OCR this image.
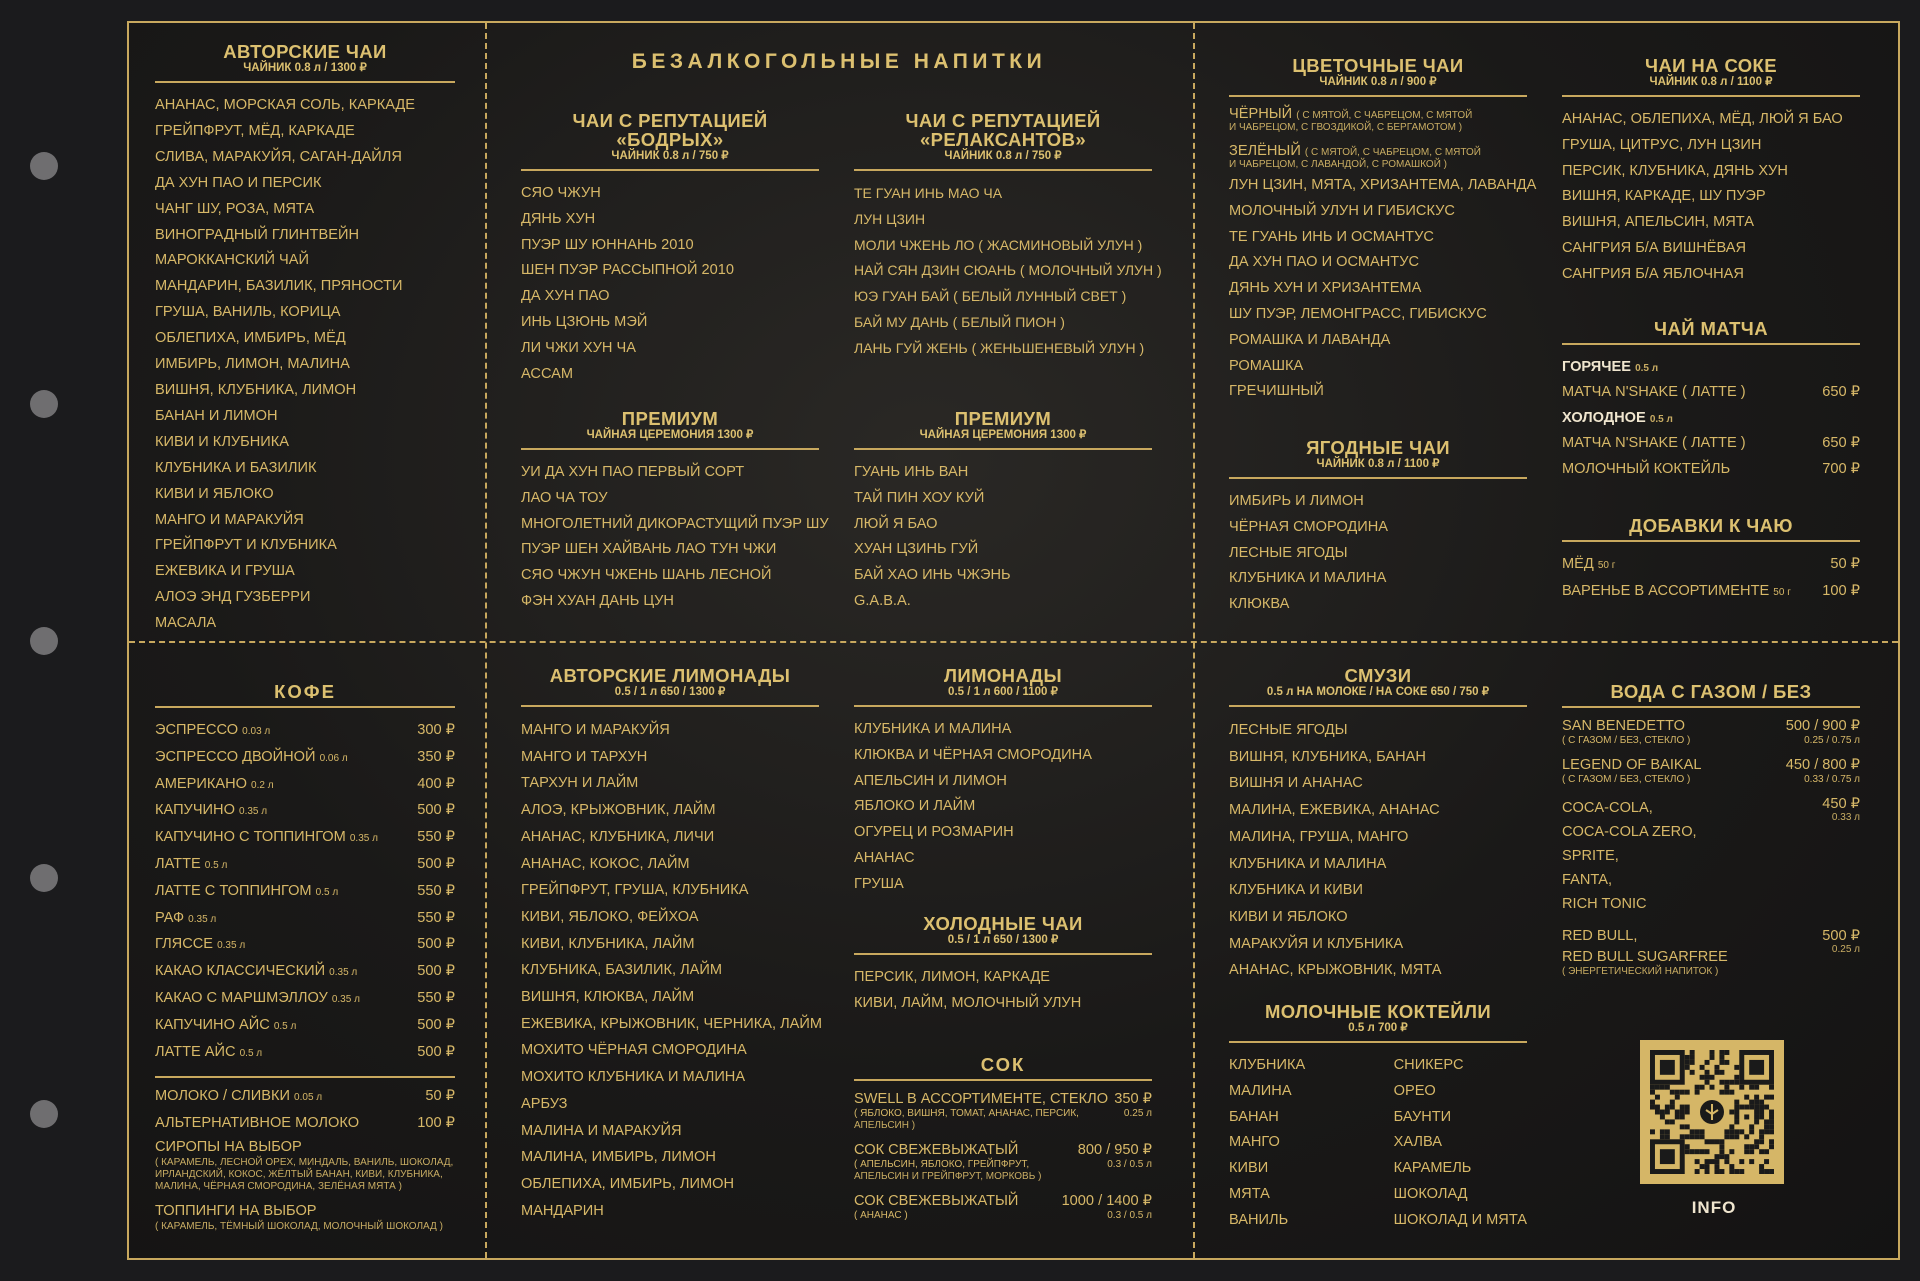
АВТОРСКИЕ ЧАИ
ЧАЙНИК 0.8 л / 1300 ₽
АНАНАС, МОРСКАЯ СОЛЬ, КАРКАДЕ
ГРЕЙПФРУТ, МЁД, КАРКАДЕ
СЛИВА, МАРАКУЙЯ, САГАН-ДАЙЛЯ
ДА ХУН ПАО И ПЕРСИК
ЧАНГ ШУ, РОЗА, МЯТА
ВИНОГРАДНЫЙ ГЛИНТВЕЙН
МАРОККАНСКИЙ ЧАЙ
МАНДАРИН, БАЗИЛИК, ПРЯНОСТИ
ГРУША, ВАНИЛЬ, КОРИЦА
ОБЛЕПИХА, ИМБИРЬ, МЁД
ИМБИРЬ, ЛИМОН, МАЛИНА
ВИШНЯ, КЛУБНИКА, ЛИМОН
БАНАН И ЛИМОН
КИВИ И КЛУБНИКА
КЛУБНИКА И БАЗИЛИК
КИВИ И ЯБЛОКО
МАНГО И МАРАКУЙЯ
ГРЕЙПФРУТ И КЛУБНИКА
ЕЖЕВИКА И ГРУША
АЛОЭ ЭНД ГУЗБЕРРИ
МАСАЛА
БЕЗАЛКОГОЛЬНЫЕ НАПИТКИ
ЧАИ С РЕПУТАЦИЕЙ
«БОДРЫХ»
ЧАЙНИК 0.8 л / 750 ₽
СЯО ЧЖУН
ДЯНЬ ХУН
ПУЭР ШУ ЮННАНЬ 2010
ШЕН ПУЭР РАССЫПНОЙ 2010
ДА ХУН ПАО
ИНЬ ЦЗЮНЬ МЭЙ
ЛИ ЧЖИ ХУН ЧА
АССАМ
ЧАИ С РЕПУТАЦИЕЙ
«РЕЛАКСАНТОВ»
ЧАЙНИК 0.8 л / 750 ₽
ТЕ ГУАН ИНЬ МАО ЧА
ЛУН ЦЗИН
МОЛИ ЧЖЕНЬ ЛО ( ЖАСМИНОВЫЙ УЛУН )
НАЙ СЯН ДЗИН СЮАНЬ ( МОЛОЧНЫЙ УЛУН )
ЮЭ ГУАН БАЙ ( БЕЛЫЙ ЛУННЫЙ СВЕТ )
БАЙ МУ ДАНЬ ( БЕЛЫЙ ПИОН )
ЛАНЬ ГУЙ ЖЕНЬ ( ЖЕНЬШЕНЕВЫЙ УЛУН )
ПРЕМИУМ
ЧАЙНАЯ ЦЕРЕМОНИЯ 1300 ₽
УИ ДА ХУН ПАО ПЕРВЫЙ СОРТ
ЛАО ЧА ТОУ
МНОГОЛЕТНИЙ ДИКОРАСТУЩИЙ ПУЭР ШУ
ПУЭР ШЕН ХАЙВАНЬ ЛАО ТУН ЧЖИ
СЯО ЧЖУН ЧЖЕНЬ ШАНЬ ЛЕСНОЙ
ФЭН ХУАН ДАНЬ ЦУН
ПРЕМИУМ
ЧАЙНАЯ ЦЕРЕМОНИЯ 1300 ₽
ГУАНЬ ИНЬ ВАН
ТАЙ ПИН ХОУ КУЙ
ЛЮЙ Я БАО
ХУАН ЦЗИНЬ ГУЙ
БАЙ ХАО ИНЬ ЧЖЭНЬ
G.A.B.A.
ЦВЕТОЧНЫЕ ЧАИ
ЧАЙНИК 0.8 л / 900 ₽
ЧЁРНЫЙ ( С МЯТОЙ, С ЧАБРЕЦОМ, С МЯТОЙ
И ЧАБРЕЦОМ, С ГВОЗДИКОЙ, С БЕРГАМОТОМ )
ЗЕЛЁНЫЙ ( С МЯТОЙ, С ЧАБРЕЦОМ, С МЯТОЙ
И ЧАБРЕЦОМ, С ЛАВАНДОЙ, С РОМАШКОЙ )
ЛУН ЦЗИН, МЯТА, ХРИЗАНТЕМА, ЛАВАНДА
МОЛОЧНЫЙ УЛУН И ГИБИСКУС
ТЕ ГУАНЬ ИНЬ И ОСМАНТУС
ДА ХУН ПАО И ОСМАНТУС
ДЯНЬ ХУН И ХРИЗАНТЕМА
ШУ ПУЭР, ЛЕМОНГРАСС, ГИБИСКУС
РОМАШКА И ЛАВАНДА
РОМАШКА
ГРЕЧИШНЫЙ
ЯГОДНЫЕ ЧАИ
ЧАЙНИК 0.8 л / 1100 ₽
ИМБИРЬ И ЛИМОН
ЧЁРНАЯ СМОРОДИНА
ЛЕСНЫЕ ЯГОДЫ
КЛУБНИКА И МАЛИНА
КЛЮКВА
ЧАИ НА СОКЕ
ЧАЙНИК 0.8 л / 1100 ₽
АНАНАС, ОБЛЕПИХА, МЁД, ЛЮЙ Я БАО
ГРУША, ЦИТРУС, ЛУН ЦЗИН
ПЕРСИК, КЛУБНИКА, ДЯНЬ ХУН
ВИШНЯ, КАРКАДЕ, ШУ ПУЭР
ВИШНЯ, АПЕЛЬСИН, МЯТА
САНГРИЯ Б/А ВИШНЁВАЯ
САНГРИЯ Б/А ЯБЛОЧНАЯ
ЧАЙ МАТЧА
ГОРЯЧЕЕ 0.5 л
МАТЧА N'SHAKE ( ЛАТТЕ )	650 ₽
ХОЛОДНОЕ 0.5 л
МАТЧА N'SHAKE ( ЛАТТЕ )	650 ₽
МОЛОЧНЫЙ КОКТЕЙЛЬ	700 ₽
ДОБАВКИ К ЧАЮ
МЁД 50 г	50 ₽
ВАРЕНЬЕ В АССОРТИМЕНТЕ 50 г 100 ₽
КОФЕ
ЭСПРЕССО 0.03 л	300 ₽
ЭСПРЕССО ДВОЙНОЙ 0.06 л	350 ₽
АМЕРИКАНО 0.2 л	400 ₽
КАПУЧИНО 0.35 л	500 ₽
КАПУЧИНО С ТОППИНГОМ 0.35 л	550 ₽
ЛАТТЕ 0.5 л	500 ₽
ЛАТТЕ С ТОППИНГОМ 0.5 л	550 ₽
РАФ 0.35 л	550 ₽
ГЛЯССЕ 0.35 л	500 ₽
КАКАО КЛАССИЧЕСКИЙ 0.35 л	500 ₽
КАКАО С МАРШМЭЛЛОУ 0.35 л	550 ₽
КАПУЧИНО АЙС 0.5 л	500 ₽
ЛАТТЕ АЙС 0.5 л	500 ₽
МОЛОКО / СЛИВКИ 0.05 л	50 ₽
АЛЬТЕРНАТИВНОЕ МОЛОКО	100 ₽
СИРОПЫ НА ВЫБОР
( КАРАМЕЛЬ, ЛЕСНОЙ ОРЕХ, МИНДАЛЬ, ВАНИЛЬ, ШОКОЛАД,
ИРЛАНДСКИЙ, КОКОС, ЖЁЛТЫЙ БАНАН, КИВИ, КЛУБНИКА,
МАЛИНА, ЧЁРНАЯ СМОРОДИНА, ЗЕЛЁНАЯ МЯТА )
ТОППИНГИ НА ВЫБОР
( КАРАМЕЛЬ, ТЁМНЫЙ ШОКОЛАД, МОЛОЧНЫЙ ШОКОЛАД )
АВТОРСКИЕ ЛИМОНАДЫ
0.5 / 1 л 650 / 1300 ₽
МАНГО И МАРАКУЙЯ
МАНГО И ТАРХУН
ТАРХУН И ЛАЙМ
АЛОЭ, КРЫЖОВНИК, ЛАЙМ
АНАНАС, КЛУБНИКА, ЛИЧИ
АНАНАС, КОКОС, ЛАЙМ
ГРЕЙПФРУТ, ГРУША, КЛУБНИКА
КИВИ, ЯБЛОКО, ФЕЙХОА
КИВИ, КЛУБНИКА, ЛАЙМ
КЛУБНИКА, БАЗИЛИК, ЛАЙМ
ВИШНЯ, КЛЮКВА, ЛАЙМ
ЕЖЕВИКА, КРЫЖОВНИК, ЧЕРНИКА, ЛАЙМ
МОХИТО ЧЁРНАЯ СМОРОДИНА
МОХИТО КЛУБНИКА И МАЛИНА
АРБУЗ
МАЛИНА И МАРАКУЙЯ
МАЛИНА, ИМБИРЬ, ЛИМОН
ОБЛЕПИХА, ИМБИРЬ, ЛИМОН
МАНДАРИН
ЛИМОНАДЫ
0.5 / 1 л 600 / 1100 ₽
КЛУБНИКА И МАЛИНА
КЛЮКВА И ЧЁРНАЯ СМОРОДИНА
АПЕЛЬСИН И ЛИМОН
ЯБЛОКО И ЛАЙМ
ОГУРЕЦ И РОЗМАРИН
АНАНАС
ГРУША
ХОЛОДНЫЕ ЧАИ
0.5 / 1 л 650 / 1300 ₽
ПЕРСИК, ЛИМОН, КАРКАДЕ
КИВИ, ЛАЙМ, МОЛОЧНЫЙ УЛУН
СОК
SWELL В АССОРТИМЕНТЕ, СТЕКЛО 350 ₽
( ЯБЛОКО, ВИШНЯ, ТОМАТ, АНАНАС, ПЕРСИК,	0.25 л
АПЕЛЬСИН )
СОК СВЕЖЕВЫЖАТЫЙ	800 / 950 ₽
( АПЕЛЬСИН, ЯБЛОКО, ГРЕЙПФРУТ,	0.3 / 0.5 л
АПЕЛЬСИН И ГРЕЙПФРУТ, МОРКОВЬ )
СОК СВЕЖЕВЫЖАТЫЙ	1000 / 1400 ₽
( АНАНАС )	0.3 / 0.5 л
СМУЗИ
0.5 л НА МОЛОКЕ / НА СОКЕ 650 / 750 ₽
ЛЕСНЫЕ ЯГОДЫ
ВИШНЯ, КЛУБНИКА, БАНАН
ВИШНЯ И АНАНАС
МАЛИНА, ЕЖЕВИКА, АНАНАС
МАЛИНА, ГРУША, МАНГО
КЛУБНИКА И МАЛИНА
КЛУБНИКА И КИВИ
КИВИ И ЯБЛОКО
МАРАКУЙЯ И КЛУБНИКА
АНАНАС, КРЫЖОВНИК, МЯТА
МОЛОЧНЫЕ КОКТЕЙЛИ
0.5 л 700 ₽
КЛУБНИКА
МАЛИНА
БАНАН
МАНГО
КИВИ
МЯТА
ВАНИЛЬ
СНИКЕРС
ОРЕО
БАУНТИ
ХАЛВА
КАРАМЕЛЬ
ШОКОЛАД
ШОКОЛАД И МЯТА
ВОДА С ГАЗОМ / БЕЗ
SAN BENEDETTO	500 / 900 ₽
( С ГАЗОМ / БЕЗ, СТЕКЛО )	0.25 / 0.75 л
LEGEND OF BAIKAL	450 / 800 ₽
( С ГАЗОМ / БЕЗ, СТЕКЛО )	0.33 / 0.75 л
COCA-COLA,
COCA-COLA ZERO,
SPRITE,
FANTA,
RICH TONIC
450 ₽
0.33 л
RED BULL,
RED BULL SUGARFREE
( ЭНЕРГЕТИЧЕСКИЙ НАПИТОК )
500 ₽
0.25 л
INFO
